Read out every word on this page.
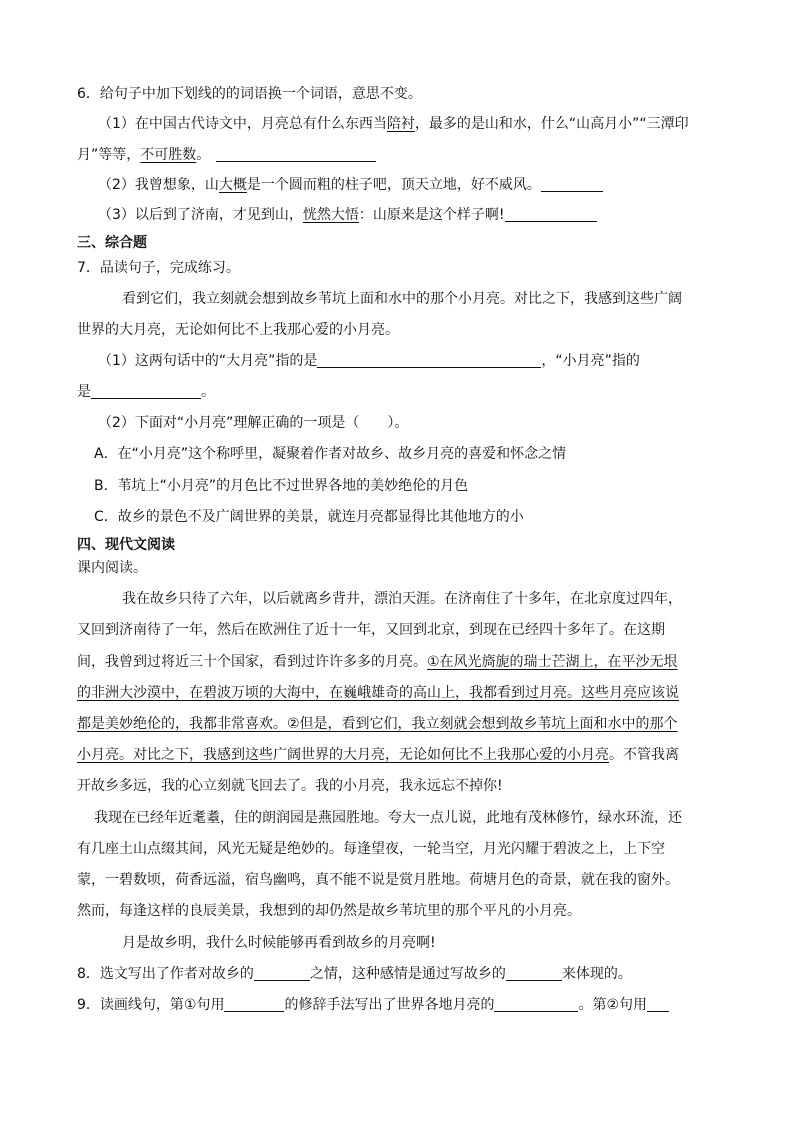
6．给句子中加下划线的的词语换一个词语，意思不变。
（1）在中国古代诗文中，月亮总有什么东西当陪衬，最多的是山和水，什么“山高月小”“三潭印
月”等等，不可胜数。
（2）我曾想象，山大概是一个圆而粗的柱子吧，顶天立地，好不威风。
（3）以后到了济南，才见到山，恍然大悟：山原来是这个样子啊!
三、综合题
7．品读句子，完成练习。
看到它们，我立刻就会想到故乡苇坑上面和水中的那个小月亮。对比之下，我感到这些广阔
世界的大月亮，无论如何比不上我那心爱的小月亮。
（1）这两句话中的“大月亮”指的是	，“小月亮”指的
是	。
（2）下面对“小月亮”理解正确的一项是（　　）。
A．在“小月亮”这个称呼里，凝聚着作者对故乡、故乡月亮的喜爱和怀念之情
B．苇坑上“小月亮”的月色比不过世界各地的美妙绝伦的月色
C．故乡的景色不及广阔世界的美景，就连月亮都显得比其他地方的小
四、现代文阅读
课内阅读。
我在故乡只待了六年，以后就离乡背井，漂泊天涯。在济南住了十多年，在北京度过四年，
又回到济南待了一年，然后在欧洲住了近十一年，又回到北京，到现在已经四十多年了。在这期
间，我曾到过将近三十个国家，看到过许许多多的月亮。①在风光旖旎的瑞士芒湖上，在平沙无垠
的非洲大沙漠中，在碧波万顷的大海中，在巍峨雄奇的高山上，我都看到过月亮。这些月亮应该说
都是美妙绝伦的，我都非常喜欢。②但是，看到它们，我立刻就会想到故乡苇坑上面和水中的那个
小月亮。对比之下，我感到这些广阔世界的大月亮，无论如何比不上我那心爱的小月亮。不管我离
开故乡多远，我的心立刻就飞回去了。我的小月亮，我永远忘不掉你!
我现在已经年近耄耋，住的朗润园是燕园胜地。夸大一点儿说，此地有茂林修竹，绿水环流，还
有几座土山点缀其间，风光无疑是绝妙的。每逢望夜，一轮当空，月光闪耀于碧波之上，上下空
蒙，一碧数顷，荷香远溢，宿鸟幽鸣，真不能不说是赏月胜地。荷塘月色的奇景，就在我的窗外。
然而，每逢这样的良辰美景，我想到的却仍然是故乡苇坑里的那个平凡的小月亮。
月是故乡明，我什么时候能够再看到故乡的月亮啊!
8．选文写出了作者对故乡的	之情，这种感情是通过写故乡的	来体现的。
9．读画线句，第①句用	的修辞手法写出了世界各地月亮的	。第②句用
